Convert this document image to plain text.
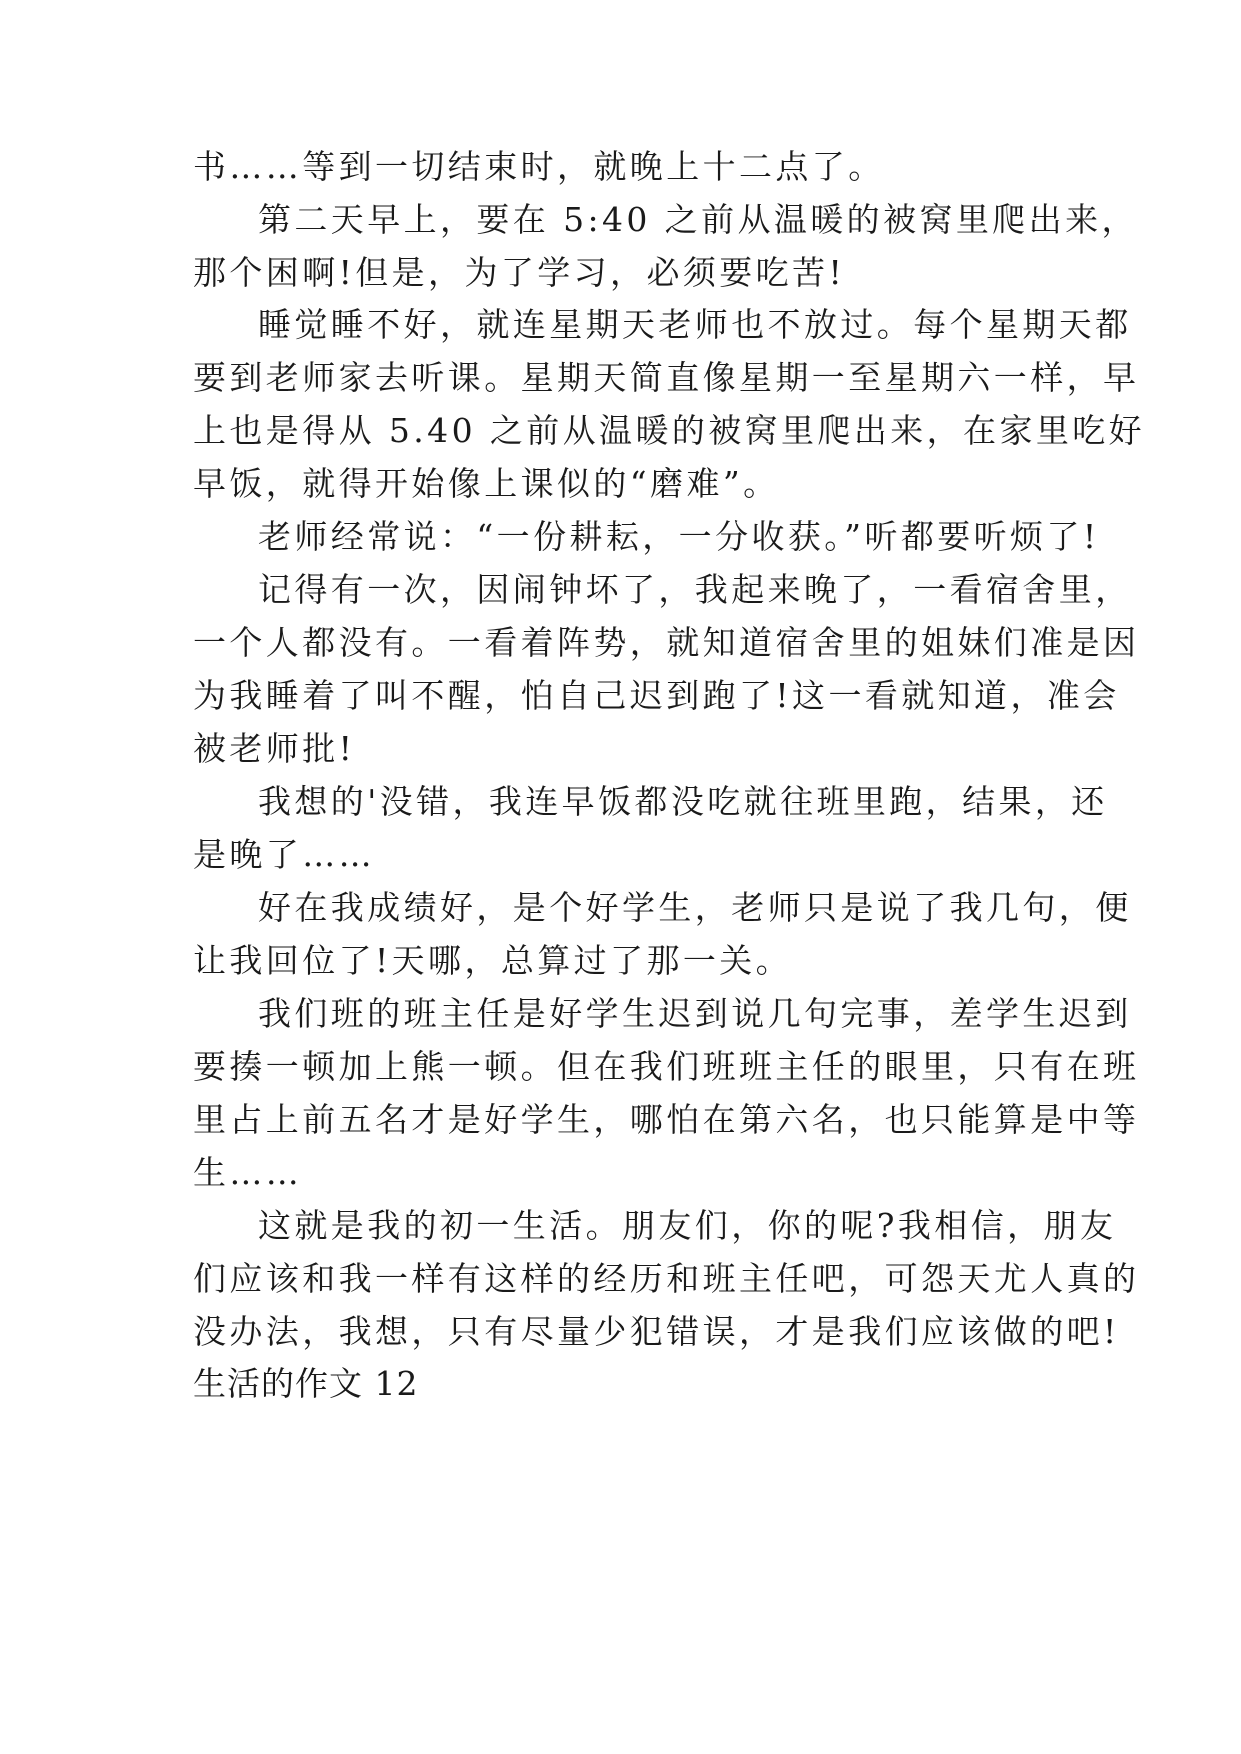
书……等到一切结束时，就晚上十二点了。
第二天早上，要在 5:40 之前从温暖的被窝里爬出来，
那个困啊!但是，为了学习，必须要吃苦!
睡觉睡不好，就连星期天老师也不放过。每个星期天都
要到老师家去听课。星期天简直像星期一至星期六一样，早
上也是得从 5.40 之前从温暖的被窝里爬出来，在家里吃好
早饭，就得开始像上课似的“磨难”。
老师经常说：“一份耕耘，一分收获。”听都要听烦了!
记得有一次，因闹钟坏了，我起来晚了，一看宿舍里，
一个人都没有。一看着阵势，就知道宿舍里的姐妹们准是因
为我睡着了叫不醒，怕自己迟到跑了!这一看就知道，准会
被老师批!
我想的'没错，我连早饭都没吃就往班里跑，结果，还
是晚了……
好在我成绩好，是个好学生，老师只是说了我几句，便
让我回位了!天哪，总算过了那一关。
我们班的班主任是好学生迟到说几句完事，差学生迟到
要揍一顿加上熊一顿。但在我们班班主任的眼里，只有在班
里占上前五名才是好学生，哪怕在第六名，也只能算是中等
生……
这就是我的初一生活。朋友们，你的呢?我相信，朋友
们应该和我一样有这样的经历和班主任吧，可怨天尤人真的
没办法，我想，只有尽量少犯错误，才是我们应该做的吧!
生活的作文 12
